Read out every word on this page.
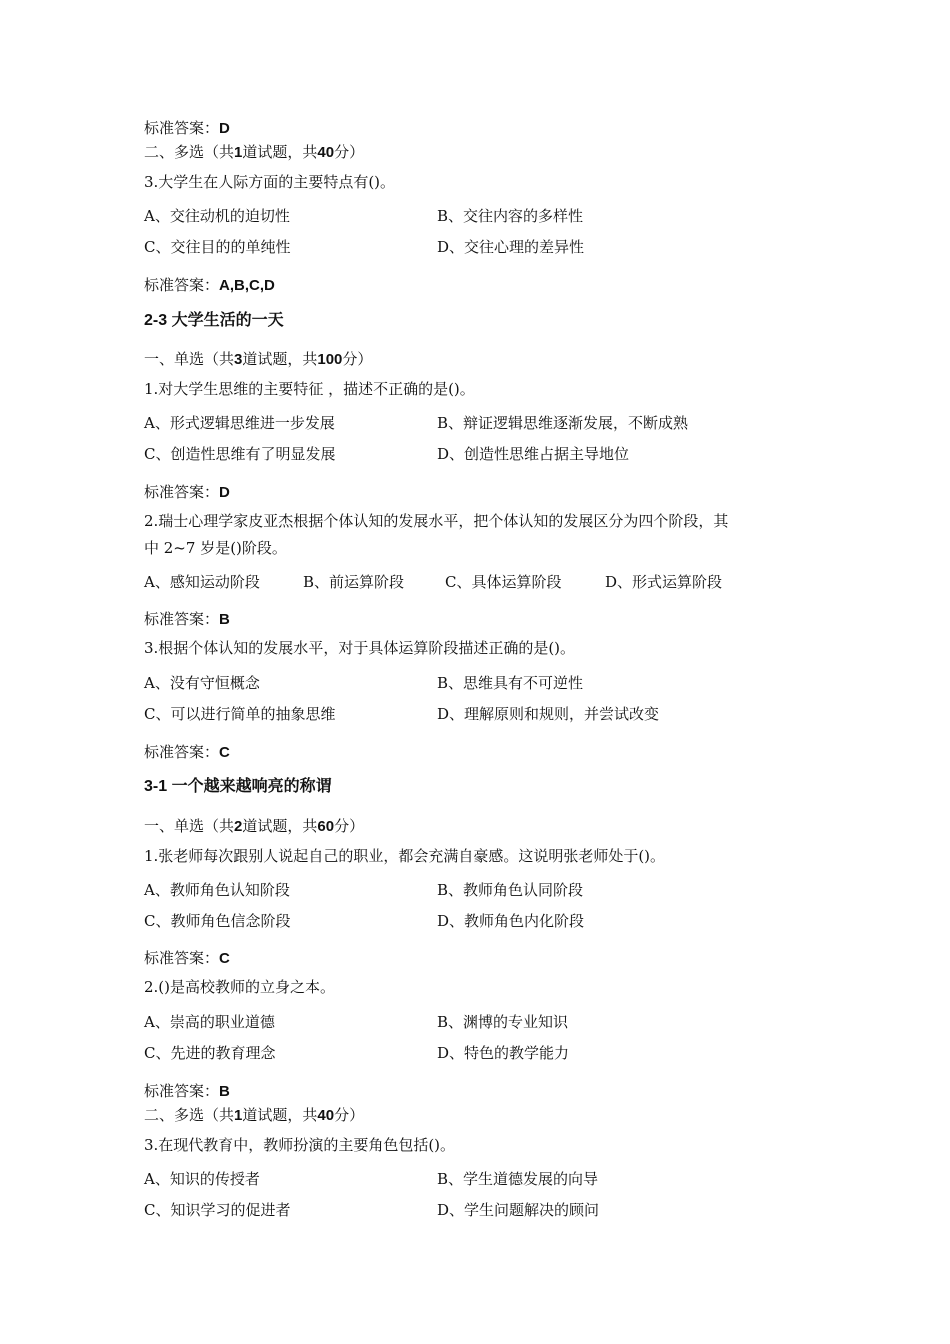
标准答案：D
二、多选（共1道试题，共40分）
3.大学生在人际方面的主要特点有()。
A、交往动机的迫切性	B、交往内容的多样性
C、交往目的的单纯性	D、交往心理的差异性
标准答案：A,B,C,D
2-3 大学生活的一天
一、单选（共3道试题，共100分）
1.对大学生思维的主要特征 ，描述不正确的是()。
A、形式逻辑思维进一步发展	B、辩证逻辑思维逐渐发展，不断成熟
C、创造性思维有了明显发展	D、创造性思维占据主导地位
标准答案：D
2.瑞士心理学家皮亚杰根据个体认知的发展水平，把个体认知的发展区分为四个阶段，其
中 2~7 岁是()阶段。
A、感知运动阶段	B、前运算阶段	C、具体运算阶段	D、形式运算阶段
标准答案：B
3.根据个体认知的发展水平，对于具体运算阶段描述正确的是()。
A、没有守恒概念	B、思维具有不可逆性
C、可以进行简单的抽象思维	D、理解原则和规则，并尝试改变
标准答案：C
3-1 一个越来越响亮的称谓
一、单选（共2道试题，共60分）
1.张老师每次跟别人说起自己的职业，都会充满自豪感。这说明张老师处于()。
A、教师角色认知阶段	B、教师角色认同阶段
C、教师角色信念阶段	D、教师角色内化阶段
标准答案：C
2.()是高校教师的立身之本。
A、崇高的职业道德	B、渊博的专业知识
C、先进的教育理念	D、特色的教学能力
标准答案：B
二、多选（共1道试题，共40分）
3.在现代教育中，教师扮演的主要角色包括()。
A、知识的传授者	B、学生道德发展的向导
C、知识学习的促进者	D、学生问题解决的顾问
